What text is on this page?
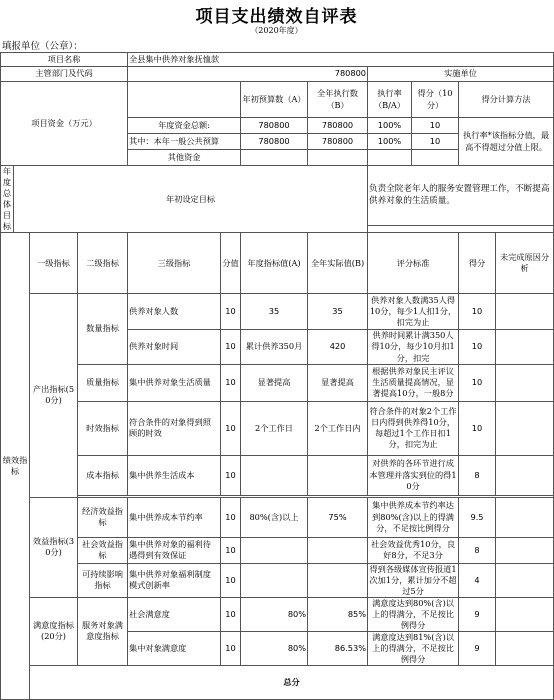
项目支出绩效自评表
（2020年度）
填报单位（公章）：
项目名称				全县集中供养对象抚恤款								
主管部门及代码				780800				实施单位				
项目资金（万元）						年初预算数（A）	全年执行数（B）	执行率（B/A）	得分（10分）	得分计算方法		
				年度资金总额:		780800	780800	100%	10	执行率*该指标分值，最高不得超过分值上限。		
				其中：本年一般公共预算		780800	780800	100%	10			
				其他资金								
年度总体目标	年初设定目标							负责全院老年人的服务安置管理工作，不断提高供养对象的生活质量。				

绩效指标		一级指标	二级指标	三级指标	分值	年度指标值(A)	全年实际值(B)	评分标准		得分	未完成原因分析	
		产出指标(50分)	数量指标	供养对象人数	10	35	35	供养对象人数满35人得10分，每少1人扣1分，扣完为止		10		
				供养对象时间	10	累计供养350月	420	供养时间累计满350人得10分，每少10月扣1分，扣完		10		
			质量指标	集中供养对象生活质量	10	显著提高	显著提高	根据供养对象民主评议生活质量提高情况，显著提高10分，一般8分		10		
			时效指标	符合条件的对象得到照顾的时效	10	2个工作日	2个工作日内	符合条件的对象2个工作日内得到供养得10分，每超过1个工作日扣1分，扣完为止		10		
			成本指标	集中供养生活成本	10			对供养的各环节进行成本管理并落实到位的得10分		8		

		效益指标(30分)	经济效益指标	集中供养成本节约率	10	80%(含)以上	75%	集中供养成本节约率达到80%(含)以上的得满分，不足按比例得分		9.5		
			社会效益指标	集中供养对象的福利待遇得到有效保证	10			社会效益优秀10分，良好8分，不足3分		8		
			可持续影响指标	集中供养对象福利制度模式创新率	10			得到各级媒体宣传报道1次加1分，累计加分不超过5分		4		
		满意度指标(20分)	服务对象满意度指标	社会满意度	10	80%	85%	满意度达到80%(含)以上的得满分，不足按比例得分		9		
				集中对象满意度	10	80%	86.53%	满意度达到81%(含)以上的得满分，不足按比例得分		9		
		总分	
